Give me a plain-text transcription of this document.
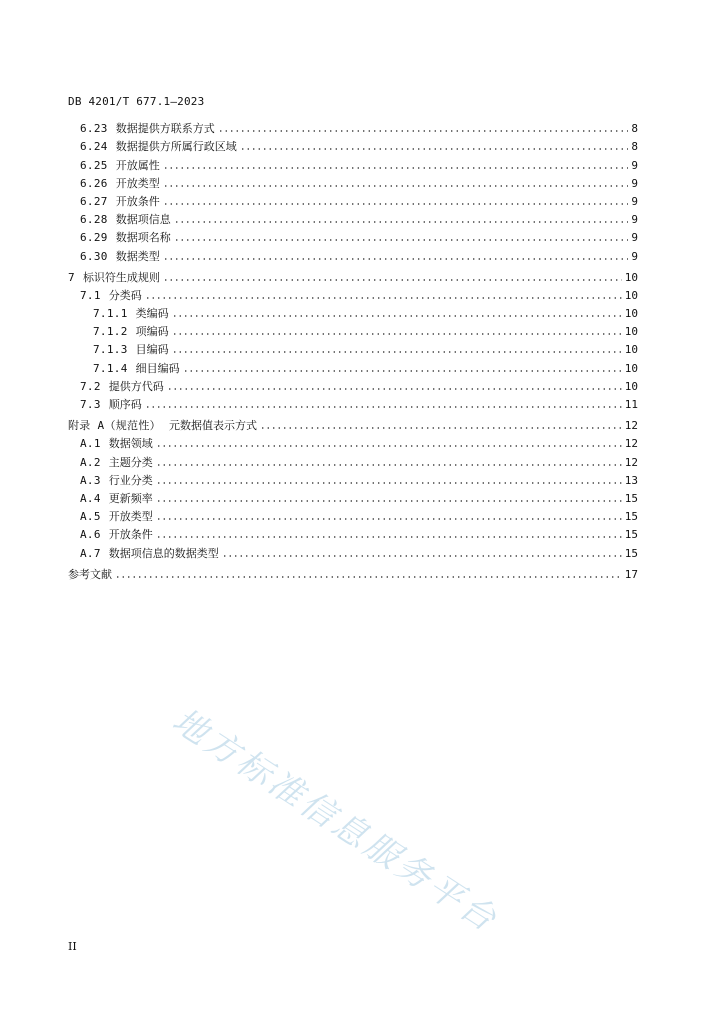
DB 4201/T 677.1—2023
6.23 数据提供方联系方式	8
6.24 数据提供方所属行政区域	8
6.25 开放属性	9
6.26 开放类型	9
6.27 开放条件	9
6.28 数据项信息	9
6.29 数据项名称	9
6.30 数据类型	9
7 标识符生成规则	10
7.1 分类码	10
7.1.1 类编码	10
7.1.2 项编码	10
7.1.3 目编码	10
7.1.4 细目编码	10
7.2 提供方代码	10
7.3 顺序码	11
附录 A（规范性） 元数据值表示方式	12
A.1 数据领域	12
A.2 主题分类	12
A.3 行业分类	13
A.4 更新频率	15
A.5 开放类型	15
A.6 开放条件	15
A.7 数据项信息的数据类型	15
参考文献	17
地方标准信息服务平台
II
